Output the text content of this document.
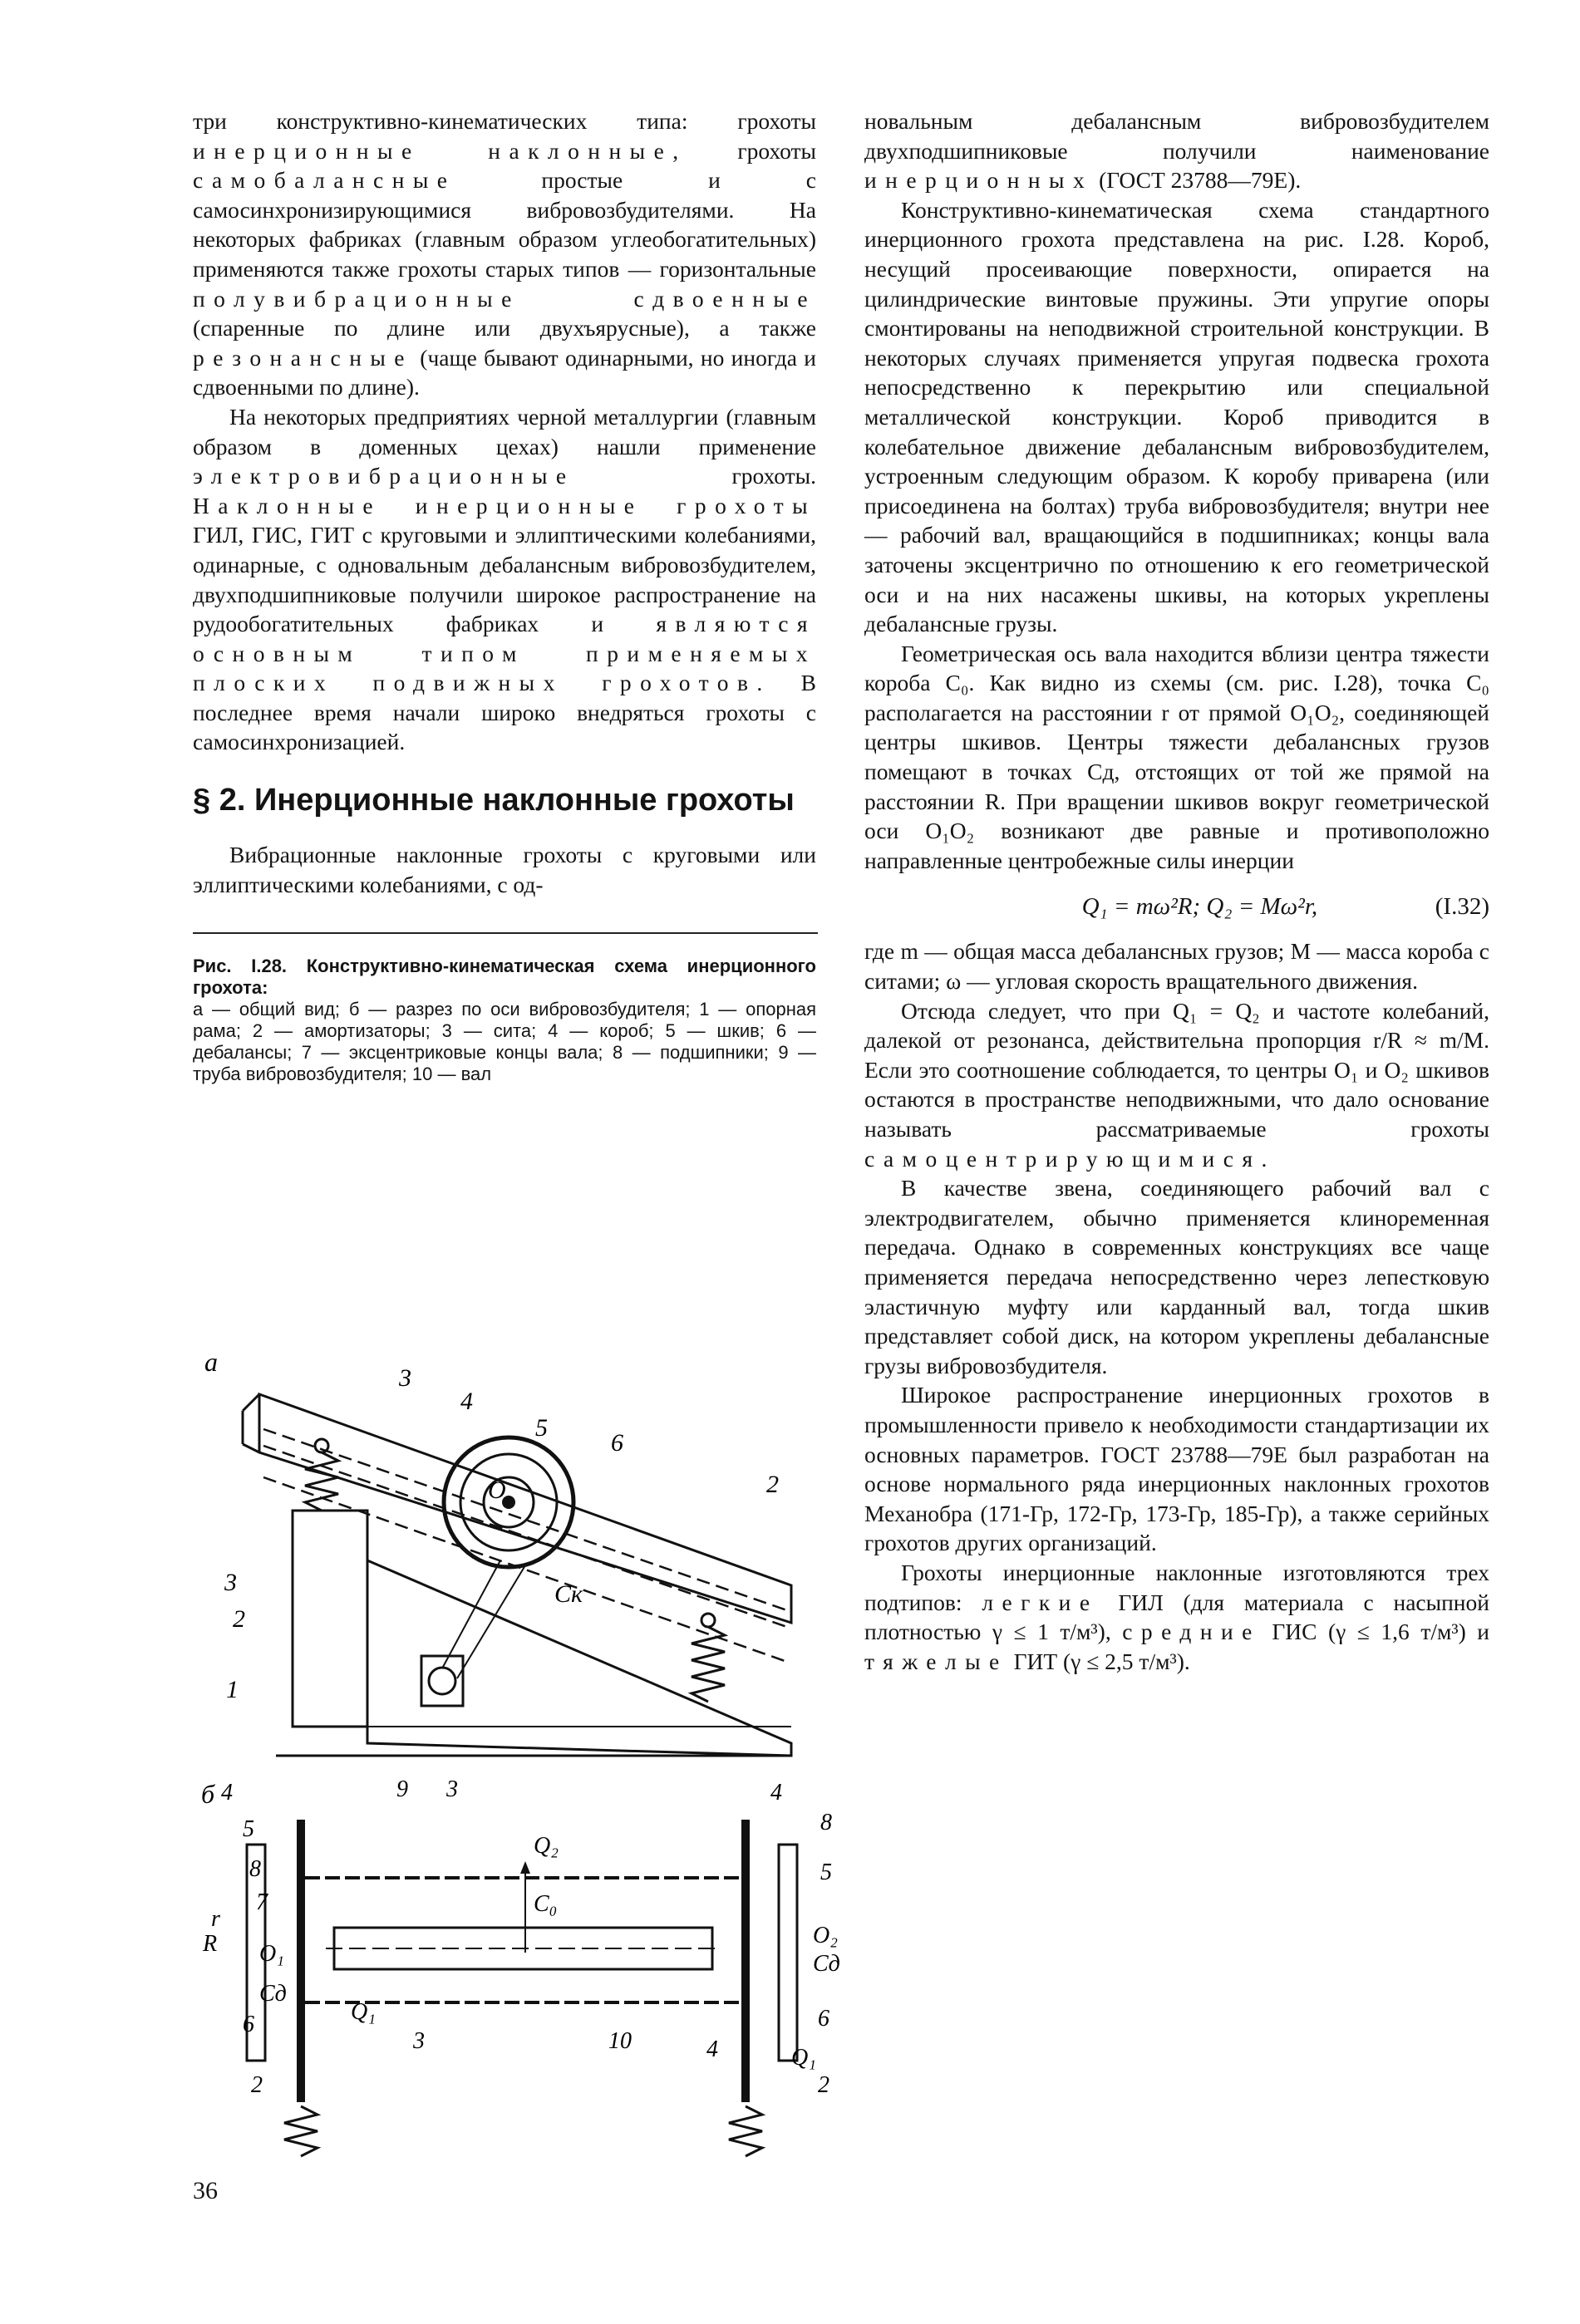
три конструктивно-кинематических типа: грохоты инерционные наклонные, грохоты самобалансные простые и с самосинхронизирующимися вибровозбудителями. На некоторых фабриках (главным образом углеобогатительных) применяются также грохоты старых типов — горизонтальные полувибрационные	сдвоенные (спаренные по длине или двухъярусные), а также резонансные (чаще бывают одинарными, но иногда и сдвоенными по длине).

На некоторых предприятиях черной металлургии (главным образом в доменных цехах) нашли применение электровибрационные грохоты. Наклонные инерционные грохоты ГИЛ, ГИС, ГИТ с круговыми и эллиптическими колебаниями, одинарные, с одновальным дебалансным вибровозбудителем, двухподшипниковые получили широкое распространение на рудообогатительных фабриках и являются основным типом применяемых плоских подвижных грохотов. В последнее время начали широко внедряться грохоты с самосинхронизацией.

§ 2. Инерционные наклонные грохоты

Вибрационные наклонные грохоты с круговыми или эллиптическими колебаниями, с од-

Рис. I.28. Конструктивно-кинематическая схема инерционного грохота:
а — общий вид; б — разрез по оси вибровозбудителя; 1 — опорная рама; 2 — амортизаторы; 3 — сита; 4 — короб; 5 — шкив; 6 — дебалансы; 7 — эксцентриковые концы вала; 8 — подшипники; 9 — труба вибровозбудителя; 10 — вал
а
3
4
5
6
2
3
2
1
O
Cк
б 4	9 3	4
5	8
8	5
7
O₂
r
R O₁
Cд
Cд
Q₂
C₀
Q₁
Q₁
6	6
3	10	4
2	2

новальным дебалансным вибровозбудителем двухподшипниковые получили наименование инерционных (ГОСТ 23788—79Е).

Конструктивно-кинематическая схема стандартного инерционного грохота представлена на рис. I.28. Короб, несущий просеивающие поверхности, опирается на цилиндрические винтовые пружины. Эти упругие опоры смонтированы на неподвижной строительной конструкции. В некоторых случаях применяется упругая подвеска грохота непосредственно к перекрытию или специальной металлической конструкции. Короб приводится в колебательное движение дебалансным вибровозбудителем, устроенным следующим образом. К коробу приварена (или присоединена на болтах) труба вибровозбудителя; внутри нее — рабочий вал, вращающийся в подшипниках; концы вала заточены эксцентрично по отношению к его геометрической оси и на них насажены шкивы, на которых укреплены дебалансные грузы.

Геометрическая ось вала находится вблизи центра тяжести короба C₀. Как видно из схемы (см. рис. I.28), точка C₀ располагается на расстоянии r от прямой O₁O₂, соединяющей центры шкивов. Центры тяжести дебалансных грузов помещают в точках Cд, отстоящих от той же прямой на расстоянии R. При вращении шкивов вокруг геометрической оси O₁O₂ возникают две равные и противоположно направленные центробежные силы инерции

Q₁ = mω²R; Q₂ = Mω²r,	(I.32)

где m — общая масса дебалансных грузов; M — масса короба с ситами; ω — угловая скорость вращательного движения.

Отсюда следует, что при Q₁ = Q₂ и частоте колебаний, далекой от резонанса, действительна пропорция r/R ≈ m/M. Если это соотношение соблюдается, то центры O₁ и O₂ шкивов остаются в пространстве неподвижными, что дало основание называть рассматриваемые грохоты самоцентрирующимися.

В качестве звена, соединяющего рабочий вал с электродвигателем, обычно применяется клиноременная передача. Однако в современных конструкциях все чаще применяется передача непосредственно через лепестковую эластичную муфту или карданный вал, тогда шкив представляет собой диск, на котором укреплены дебалансные грузы вибровозбудителя.

Широкое распространение инерционных грохотов в промышленности привело к необходимости стандартизации их основных параметров. ГОСТ 23788—79Е был разработан на основе нормального ряда инерционных наклонных грохотов Механобра (171-Гр, 172-Гр, 173-Гр, 185-Гр), а также серийных грохотов других организаций.

Грохоты инерционные наклонные изготовляются трех подтипов: легкие ГИЛ (для материала с насыпной плотностью γ ≤ 1 т/м³), средние ГИС (γ ≤ 1,6 т/м³) и тяжелые ГИТ (γ ≤ 2,5 т/м³).

36
